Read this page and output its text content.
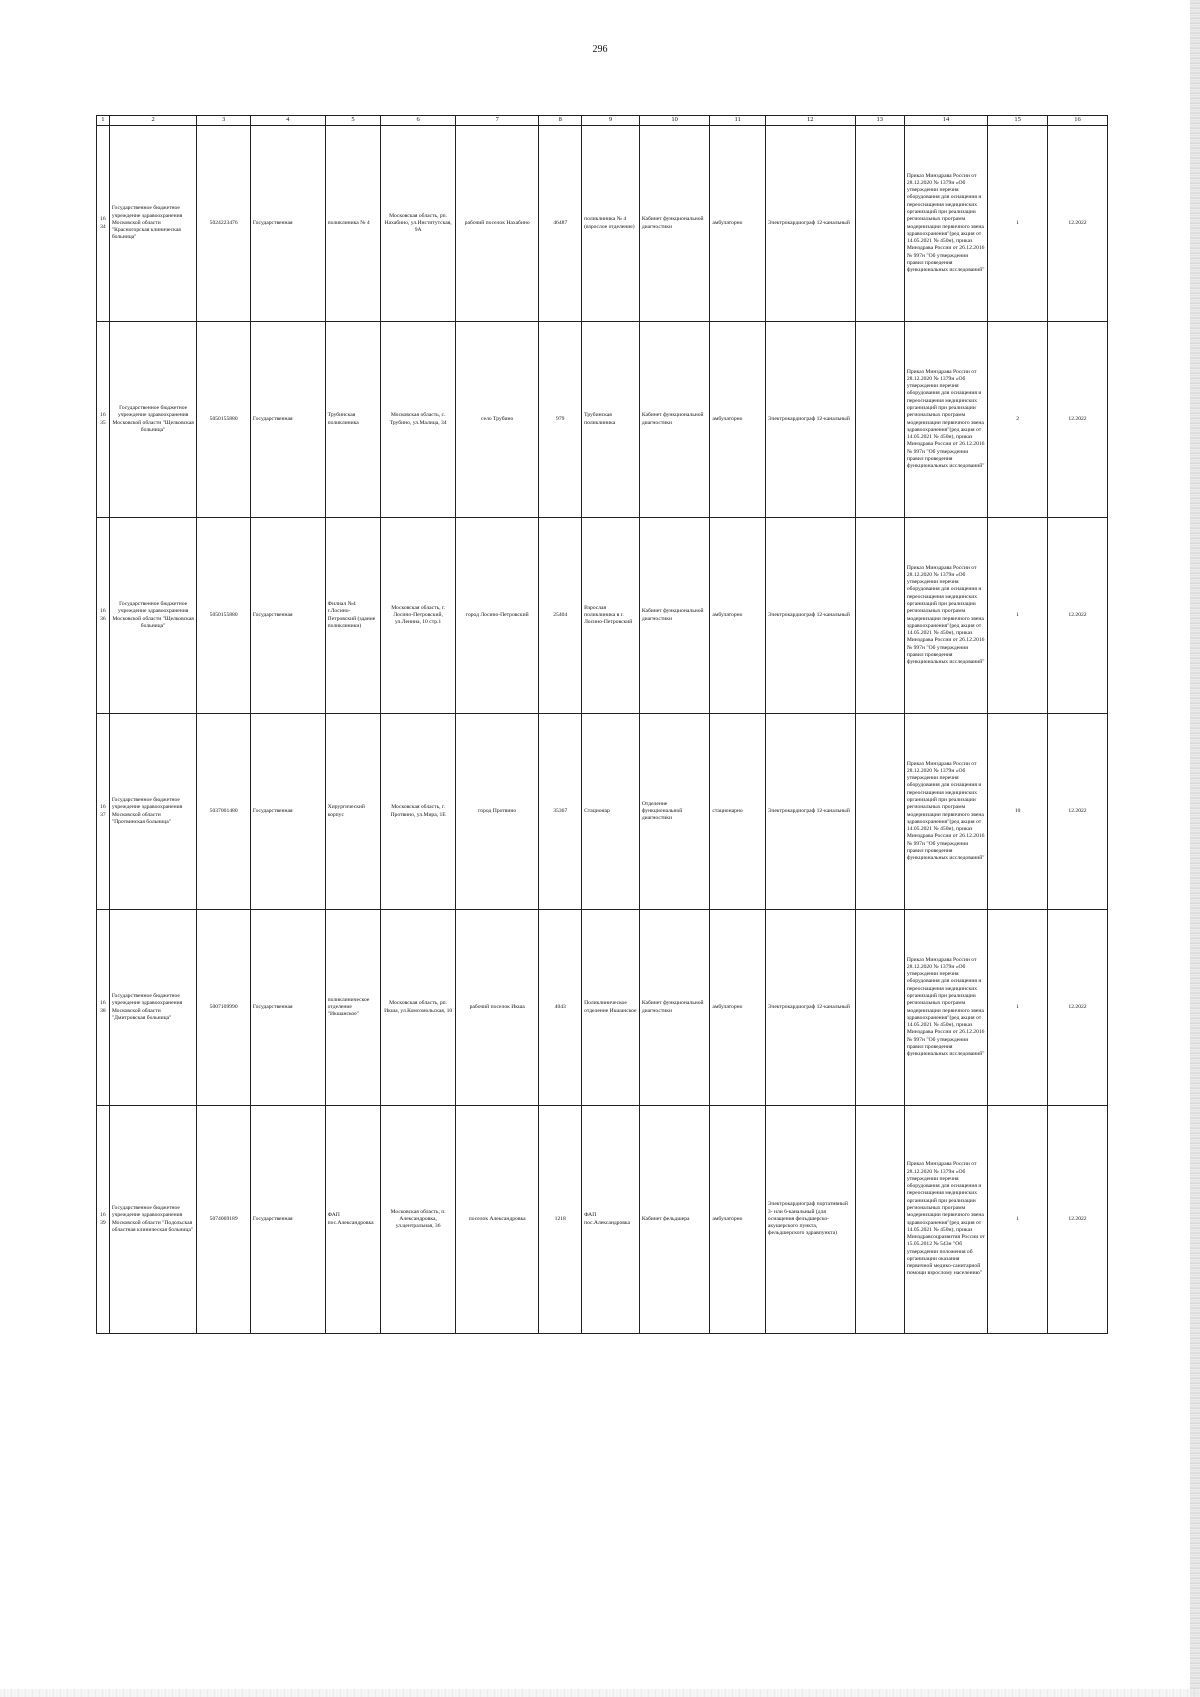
296
1	2	3	4	5	6	7	8	9	10	11	12	13	14	15	16
1634	Государственное бюджетное учреждение здравоохранения Московской области "Красногорская клиническая больница"	5024223476	Государственная	поликлиника № 4	Московская область, рп. Нахабино, ул.Институтская, 9А	рабочий поселок Нахабино	46487	поликлиника № 4 (взрослое отделение)	Кабинет функциональной диагностики	амбулаторно	Электрокардиограф 12-канальный		Приказ Минздрава России от 28.12.2020 № 1379н «Об утверждении перечня оборудования для оснащения и переоснащения медицинских организаций при реализации региональных программ модернизации первичного звена здравоохранения"(ред акция от 14.05.2021 № 450н), приказ Минздрава России от 26.12.2016 № 997н "Об утверждении правил проведения функциональных исследований"	1	12.2022
1635	Государственное бюджетное учреждение здравоохранения Московской области "Щелковская больница"	5050155880	Государственная	Трубинская поликлиника	Московская область, с. Трубино, ул.Малица, 34	село Трубино	979	Трубинская поликлиника	Кабинет функциональной диагностики	амбулаторно	Электрокардиограф 12-канальный		Приказ Минздрава России от 28.12.2020 № 1379н «Об утверждении перечня оборудования для оснащения и переоснащения медицинских организаций при реализации региональных программ модернизации первичного звена здравоохранения"(ред акция от 14.05.2021 № 450н), приказ Минздрава России от 26.12.2016 № 997н "Об утверждении правил проведения функциональных исследований"	2	12.2022
1636	Государственное бюджетное учреждение здравоохранения Московской области "Щелковская больница"	5050155880	Государственная	Филиал №4 г.Лосино-Петровский (здание поликлиники)	Московская область, г. Лосино-Петровский, ул.Ленина, 10 стр.1	город Лосино-Петровский	25404	Взрослая поликлиника в г. Лосино-Петровский	Кабинет функциональной диагностики	амбулаторно	Электрокардиограф 12-канальный		Приказ Минздрава России от 28.12.2020 № 1379н «Об утверждении перечня оборудования для оснащения и переоснащения медицинских организаций при реализации региональных программ модернизации первичного звена здравоохранения"(ред акция от 14.05.2021 № 450н), приказ Минздрава России от 26.12.2016 № 997н "Об утверждении правил проведения функциональных исследований"	1	12.2022
1637	Государственное бюджетное учреждение здравоохранения Московской области "Протвинская больница"	5037001480	Государственная	Хирургический корпус	Московская область, г. Протвино, ул.Мира, 1Е	город Протвино	35367	Стационар	Отделение функциональной диагностики	стационарно	Электрокардиограф 12-канальный		Приказ Минздрава России от 28.12.2020 № 1379н «Об утверждении перечня оборудования для оснащения и переоснащения медицинских организаций при реализации региональных программ модернизации первичного звена здравоохранения"(ред акция от 14.05.2021 № 450н), приказ Минздрава России от 26.12.2016 № 997н "Об утверждении правил проведения функциональных исследований"	10	12.2022
1638	Государственное бюджетное учреждение здравоохранения Московской области "Дмитровская больница"	5007109990	Государственная	поликлиническое отделение "Икшанское"	Московская область, рп. Икша, ул.Комсомольская, 10	рабочий поселок Икша	4043	Поликлиническое отделение Икшанское	Кабинет функциональной диагностики	амбулаторно	Электрокардиограф 12-канальный		Приказ Минздрава России от 28.12.2020 № 1379н «Об утверждении перечня оборудования для оснащения и переоснащения медицинских организаций при реализации региональных программ модернизации первичного звена здравоохранения"(ред акция от 14.05.2021 № 450н), приказ Минздрава России от 26.12.2016 № 997н "Об утверждении правил проведения функциональных исследований"	1	12.2022
1639	Государственное бюджетное учреждение здравоохранения Московской области "Подольская областная клиническая больница"	5074069189	Государственная	ФАП пос.Александровка	Московская область, п. Александровка, ул.центральная, 36	поселок Александровка	1218	ФАП пос.Александровка	Кабинет фельдшера	амбулаторно	Электрокардиограф портативный 3- или 6-канальный (для оснащения фельдшерско-акушерского пункта, фельдшерского здравпункта)		Приказ Минздрава России от 28.12.2020 № 1379н «Об утверждении перечня оборудования для оснащения и переоснащения медицинских организаций при реализации региональных программ модернизации первичного звена здравоохранения"(ред акция от 14.05.2021 № 450н), приказ Минздравсоцразвития России от 15.05.2012 № 543н "Об утверждении положения об организации оказания первичной медико-санитарной помощи взрослому населению"	1	12.2022
